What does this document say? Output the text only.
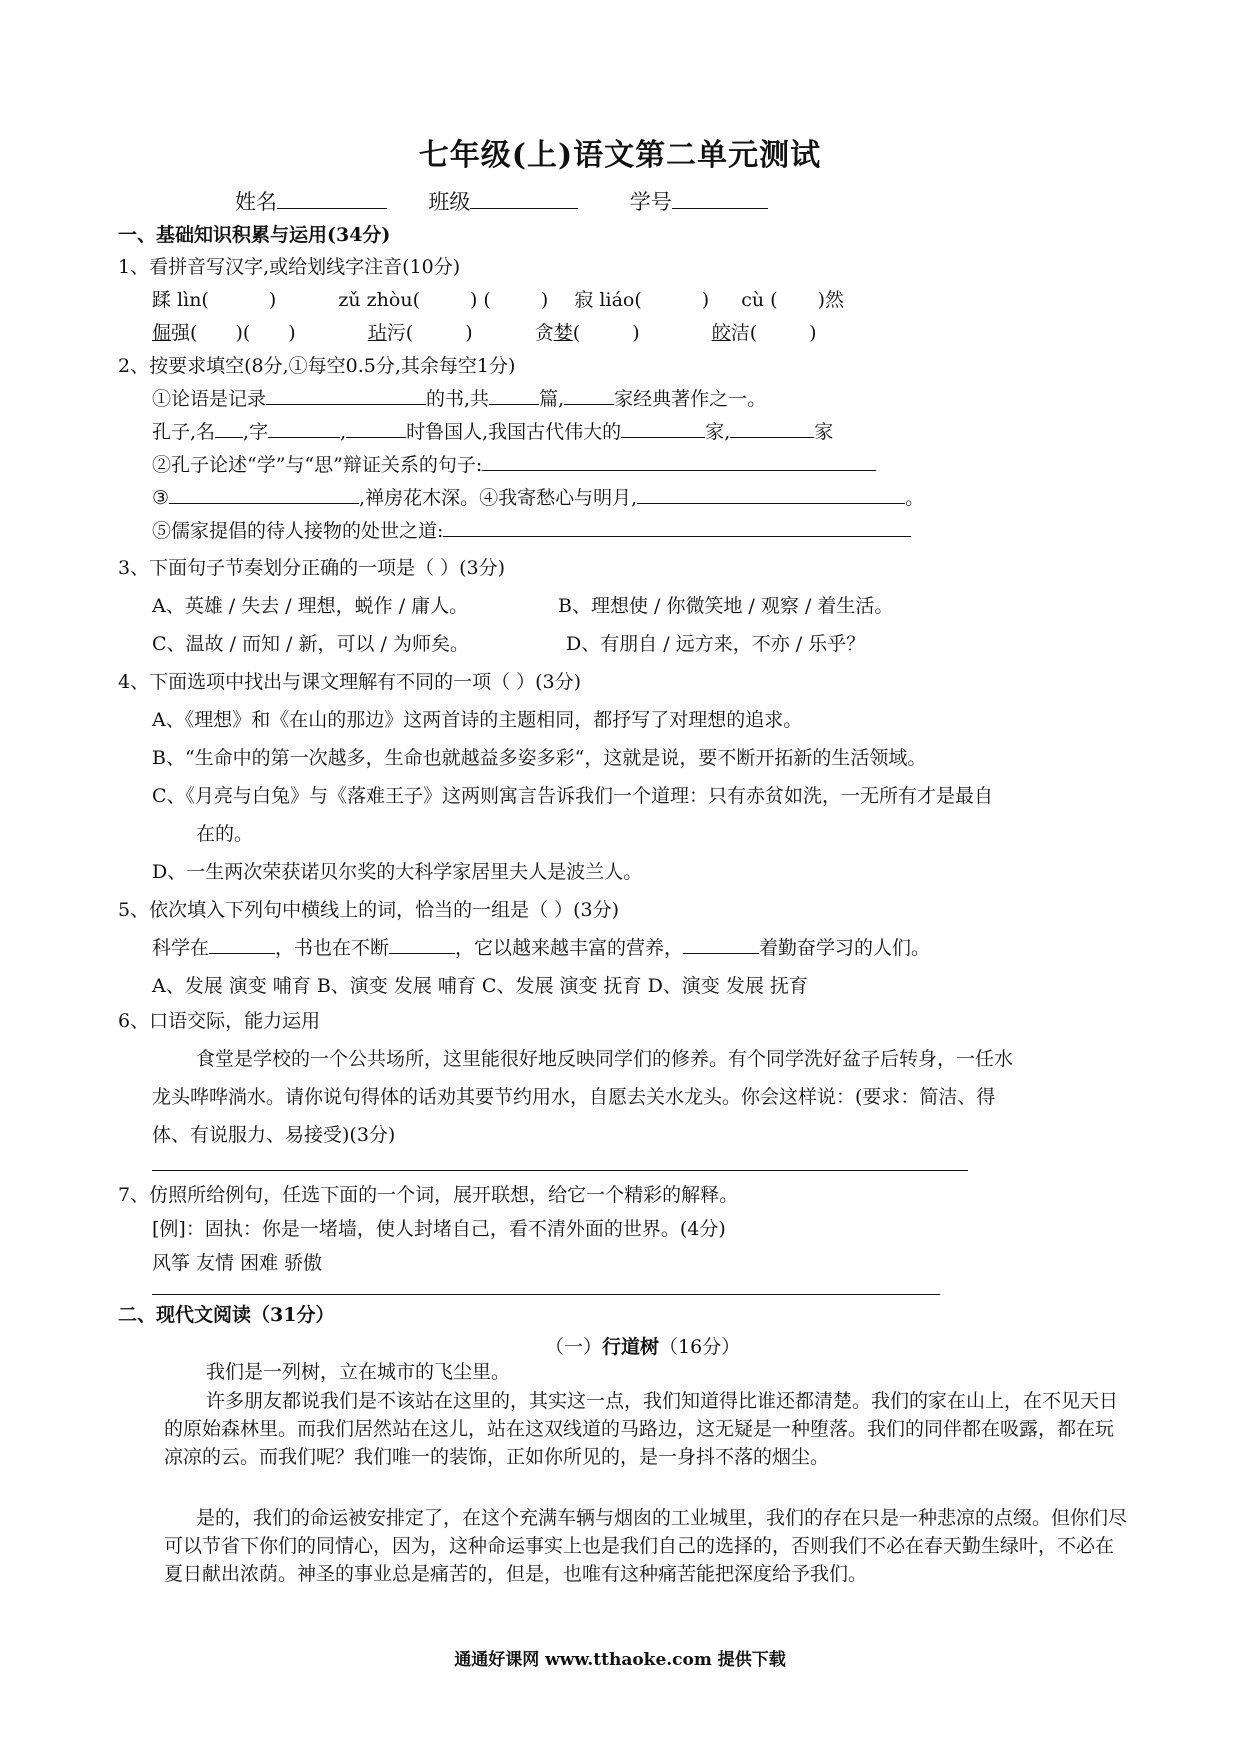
七年级(上)语文第二单元测试
姓名	班级	学号
一、基础知识积累与运用(34分)
1、看拼音写汉字,或给划线字注音(10分)
蹂 lìn(	)	zǔ zhòu(	) (	) 寂 liáo(	) cù ( )然
倔强( )( )	玷污(	)	贪婪(	)	皎洁(	)
2、按要求填空(8分,①每空0.5分,其余每空1分)
①论语是记录	的书,共	篇,	家经典著作之一。
孔子,名 ,字	,	时鲁国人,我国古代伟大的	家,	家
②孔子论述“学”与“思”辩证关系的句子:
③	,禅房花木深。④我寄愁心与明月,	。
⑤儒家提倡的待人接物的处世之道:
3、下面句子节奏划分正确的一项是（ ）(3分)
A、英雄 / 失去 / 理想，蜕作 / 庸人。	B、理想使 / 你微笑地 / 观察 / 着生活。
C、温故 / 而知 / 新，可以 / 为师矣。	D、有朋自 / 远方来，不亦 / 乐乎？
4、下面选项中找出与课文理解有不同的一项（ ）(3分)
A、《理想》和《在山的那边》这两首诗的主题相同，都抒写了对理想的追求。
B、“生命中的第一次越多，生命也就越益多姿多彩“，这就是说，要不断开拓新的生活领域。
C、《月亮与白兔》与《落难王子》这两则寓言告诉我们一个道理：只有赤贫如洗，一无所有才是最自
在的。
D、一生两次荣获诺贝尔奖的大科学家居里夫人是波兰人。
5、依次填入下列句中横线上的词，恰当的一组是（ ）(3分)
科学在	，书也在不断	，它以越来越丰富的营养，	着勤奋学习的人们。
A、发展 演变 哺育 B、演变 发展 哺育 C、发展 演变 抚育 D、演变 发展 抚育
6、口语交际，能力运用
食堂是学校的一个公共场所，这里能很好地反映同学们的修养。有个同学洗好盆子后转身，一任水
龙头哗哗淌水。请你说句得体的话劝其要节约用水，自愿去关水龙头。你会这样说：(要求：简洁、得
体、有说服力、易接受)(3分)
7、仿照所给例句，任选下面的一个词，展开联想，给它一个精彩的解释。
[例]：固执：你是一堵墙，使人封堵自己，看不清外面的世界。(4分)
风筝 友情 困难 骄傲
二、现代文阅读（31分）
（一）行道树（16分）
我们是一列树，立在城市的飞尘里。
许多朋友都说我们是不该站在这里的，其实这一点，我们知道得比谁还都清楚。我们的家在山上，在不见天日的原始森林里。而我们居然站在这儿，站在这双线道的马路边，这无疑是一种堕落。我们的同伴都在吸露，都在玩凉凉的云。而我们呢？我们唯一的装饰，正如你所见的，是一身抖不落的烟尘。
是的，我们的命运被安排定了，在这个充满车辆与烟囱的工业城里，我们的存在只是一种悲凉的点缀。但你们尽可以节省下你们的同情心，因为，这种命运事实上也是我们自己的选择的，否则我们不必在春天勤生绿叶，不必在夏日献出浓荫。神圣的事业总是痛苦的，但是，也唯有这种痛苦能把深度给予我们。
通通好课网 www.tthaoke.com 提供下载
